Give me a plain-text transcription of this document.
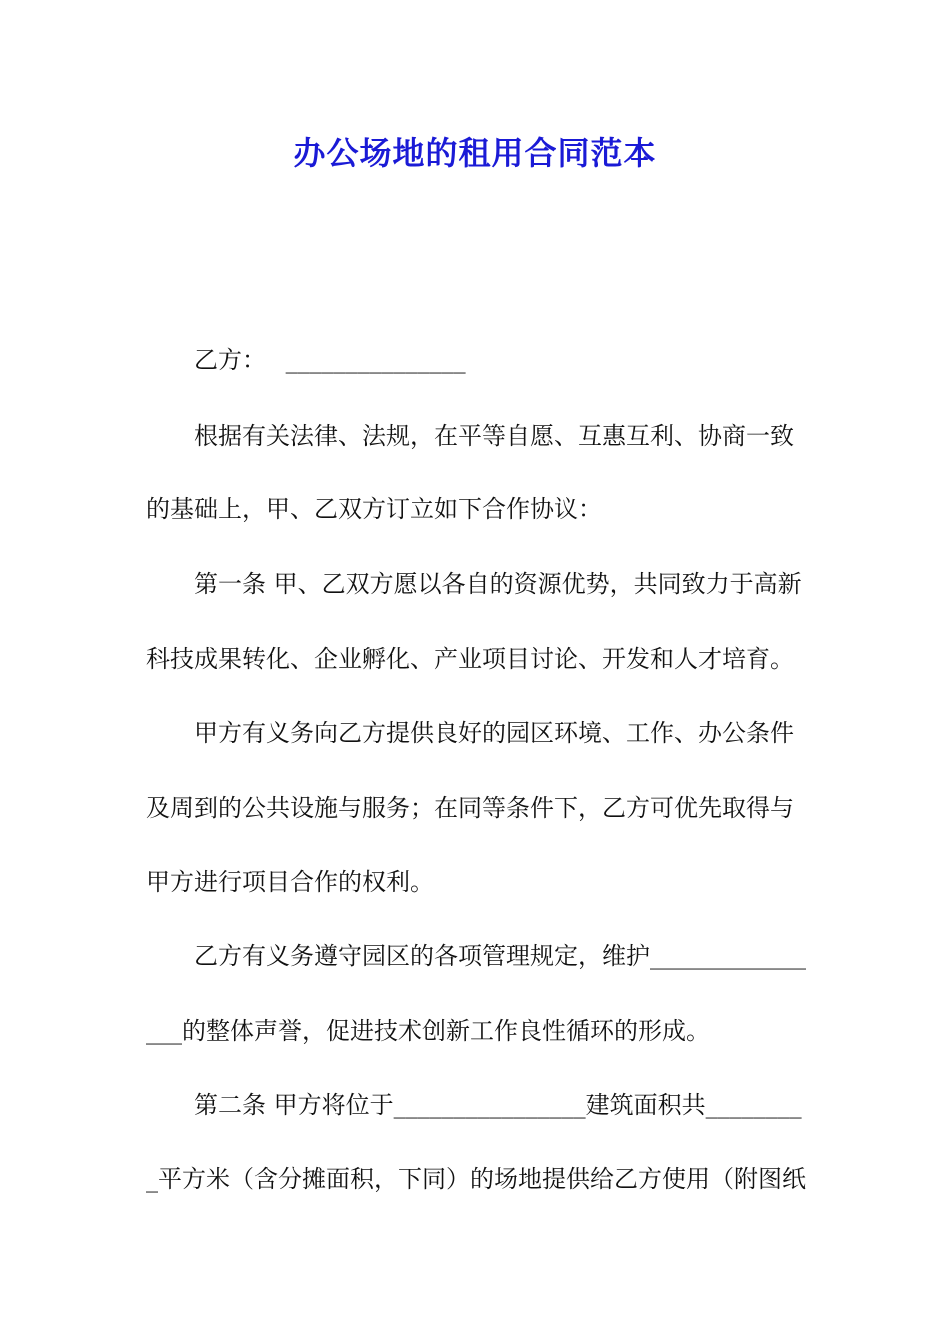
办公场地的租用合同范本
乙方：　 _______________
根据有关法律、法规，在平等自愿、互惠互利、协商一致
的基础上，甲、乙双方订立如下合作协议：
第一条 甲、乙双方愿以各自的资源优势，共同致力于高新
科技成果转化、企业孵化、产业项目讨论、开发和人才培育。
甲方有义务向乙方提供良好的园区环境、工作、办公条件
及周到的公共设施与服务；在同等条件下，乙方可优先取得与
甲方进行项目合作的权利。
乙方有义务遵守园区的各项管理规定，维护_____________
___的整体声誉，促进技术创新工作良性循环的形成。
第二条 甲方将位于________________建筑面积共________
_平方米（含分摊面积，下同）的场地提供给乙方使用（附图纸
